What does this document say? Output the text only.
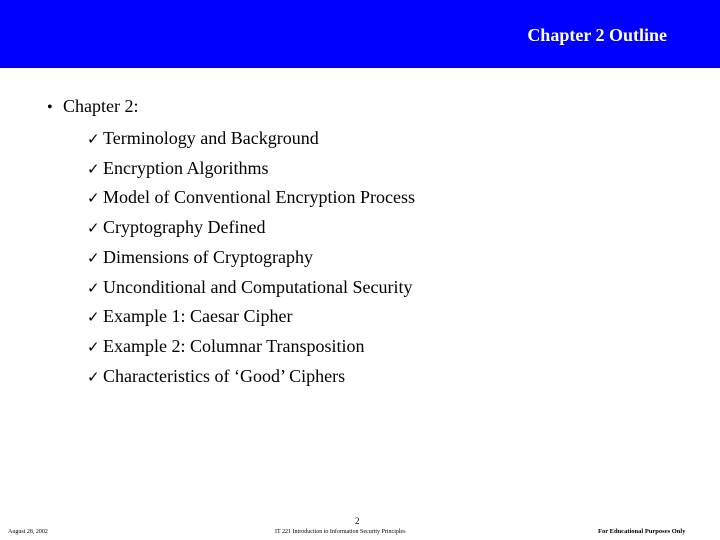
Chapter 2 Outline
• Chapter 2:
✓ Terminology and Background
✓ Encryption Algorithms
✓ Model of Conventional Encryption Process
✓ Cryptography Defined
✓ Dimensions of Cryptography
✓ Unconditional and Computational Security
✓ Example 1: Caesar Cipher
✓ Example 2: Columnar Transposition
✓ Characteristics of ‘Good’ Ciphers
2
August 28, 2002	IT 221 Introduction to Information Security Principles	For Educational Purposes Only
